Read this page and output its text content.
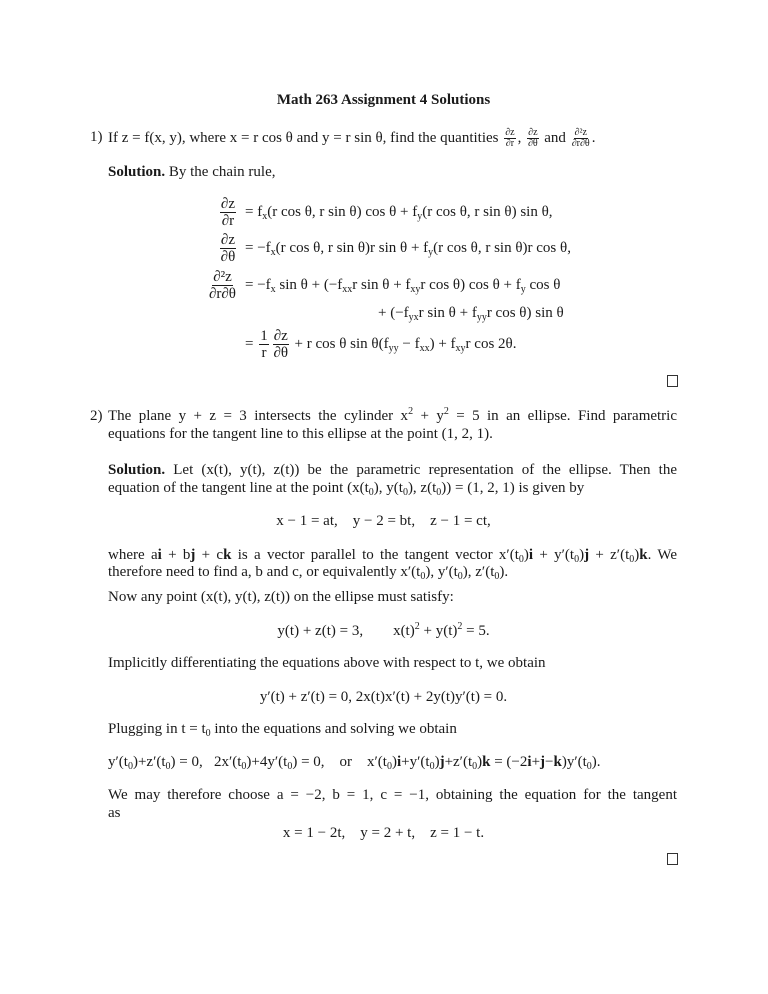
Math 263 Assignment 4 Solutions
1) If z = f(x, y), where x = r cos θ and y = r sin θ, find the quantities $\frac{\partial z}{\partial r}$ , $\frac{\partial z}{\partial\theta}$ and $\frac{\text{∂²z}}{\partial r\partial\theta}$ .
Solution. By the chain rule,
$\frac{\partial z}{\partial r} = f_x(r$ cos θ, r sin θ) $\cos \theta + f_y(r$ cos θ, r sin θ) sin θ,
$\frac{\partial z}{\partial\theta} = -f_x(r$ cos θ, r sin θ)r $\sin \theta + f_y(r$ cos θ, r sin θ)r cos θ,
$\frac{\text{∂²z}}{\partial r\partial\theta} = -f_x$ $\sin \theta + (-f_{xx}r$ $\sin \theta + f_{xy}r$ cos θ) $\cos \theta + f_y$ cos θ
+ ($-f_{yx}r$ $\sin \theta + f_{yy}r$ cos θ) sin θ
= $\frac{1}{r} \frac{\partial z}{\partial\theta} + r$ cos θ $\sin \theta(f_{yy} - f_{xx}) + f_{xy}r$ cos 2θ.
2) The plane y + z = 3 intersects the cylinder $x^2 + y^2 = 5$ in an ellipse. Find parametric
equations for the tangent line to this ellipse at the point (1, 2, 1).
Solution. Let (x(t), y(t), z(t)) be the parametric representation of the ellipse. Then the
equation of the tangent line at the point ($x(t_0)$, $y(t_0)$, $z(t_0)) = (1$, 2, 1) is given by
x − 1 = at,    y − 2 = bt,    z − 1 = ct,
where ai + bj + ck is a vector parallel to the tangent vector $x'(t_0)i + y'(t_0)j + z'(t_0)k$. We
therefore need to find a, b and c, or equivalently $x'(t_0)$, $y'(t_0)$, $z'(t_0)$.
Now any point (x(t), y(t), z(t)) on the ellipse must satisfy:
y(t) + z(t) = 3,        $x(t)^2 + y(t)^2 = 5$.
Implicitly differentiating the equations above with respect to t, we obtain
y′(t) + z′(t) = 0, 2x(t)x′(t) + 2y(t)y′(t) = 0.
Plugging in $t = t_0$ into the equations and solving we obtain
$y'(t_0)+z'(t_0) = 0$,   $2x'(t_0)+4y'(t_0) = 0$,    or    $x'(t_0)i+y'(t_0)j+z'(t_0)k = (-2i+j-k)y'(t_0)$.
We may therefore choose a = −2, b = 1, c = −1, obtaining the equation for the tangent
as
x = 1 − 2t,    y = 2 + t,    z = 1 − t.
